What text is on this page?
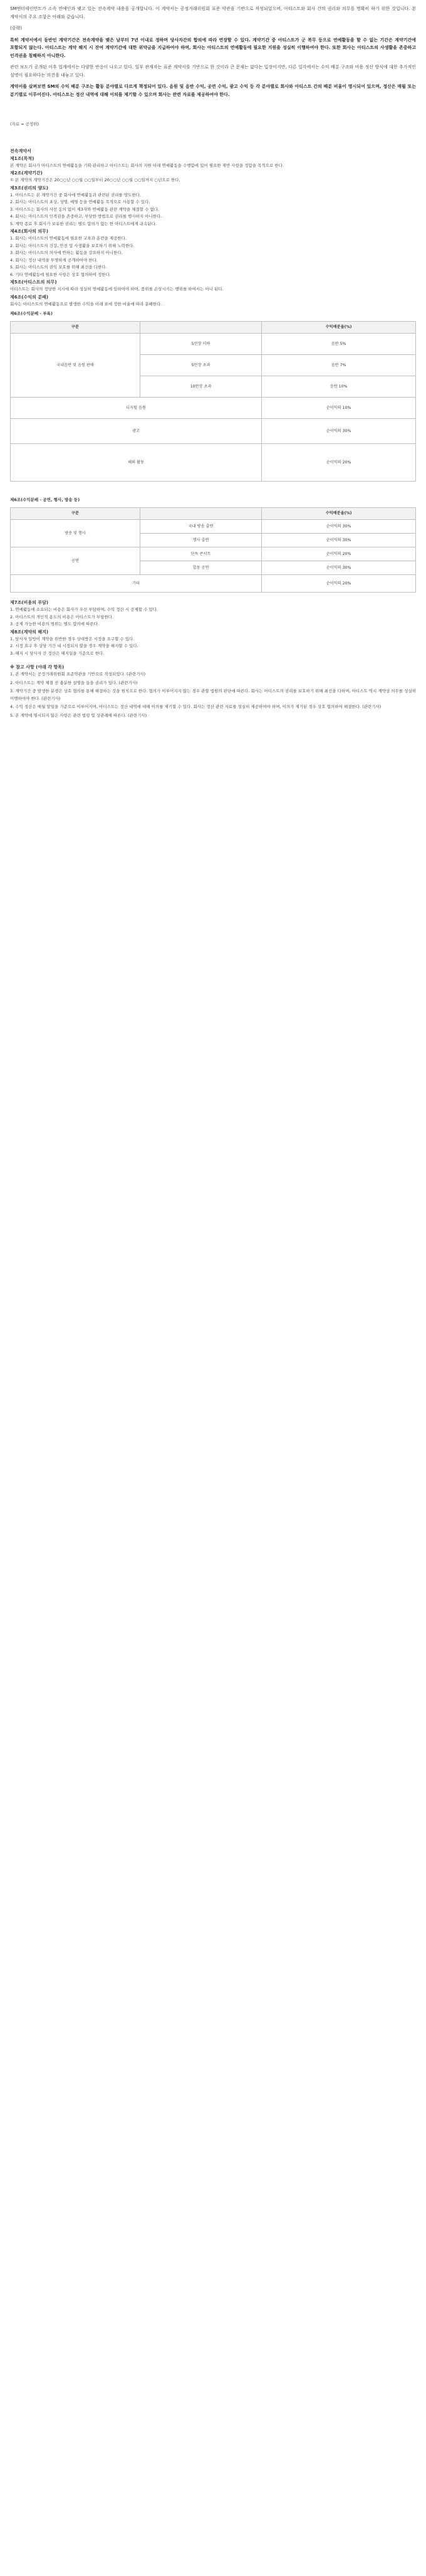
SM엔터테인먼트가 소속 연예인과 맺고 있는 전속계약 내용을 공개합니다. 이 계약서는 공정거래위원회 표준 약관을 기반으로 작성되었으며, 아티스트와 회사 간의 권리와 의무를 명확히 하기 위한 것입니다. 본 계약서의 주요 조항은 아래와 같습니다.

(중략)

특히 계약서에서 동반인 계약기간은 전속계약을 맺은 날부터 7년 이내로 정하며 당사자간의 합의에 따라 연장할 수 있다. 계약기간 중 아티스트가 군 복무 등으로 연예활동을 할 수 없는 기간은 계약기간에 포함되지 않는다. 아티스트는 계약 해지 시 잔여 계약기간에 대한 위약금을 지급하여야 하며, 회사는 아티스트의 연예활동에 필요한 지원을 성실히 이행하여야 한다. 또한 회사는 아티스트의 사생활을 존중하고 인격권을 침해하지 아니한다.

관련 보도가 공개된 이후 업계에서는 다양한 반응이 나오고 있다. 일부 관계자는 표준 계약서를 기반으로 한 것이라 큰 문제는 없다는 입장이지만, 다른 일각에서는 수익 배분 구조와 비용 정산 방식에 대한 추가적인 설명이 필요하다는 의견을 내놓고 있다.

계약서를 살펴보면 SM의 수익 배분 구조는 활동 분야별로 다르게 책정되어 있다. 음원 및 음반 수익, 공연 수익, 광고 수익 등 각 분야별로 회사와 아티스트 간의 배분 비율이 명시되어 있으며, 정산은 매월 또는 분기별로 이루어진다. 아티스트는 정산 내역에 대해 이의를 제기할 수 있으며 회사는 관련 자료를 제공하여야 한다.

(자료 = 공정위)

전속계약서

제1조(목적)

본 계약은 회사가 아티스트의 연예활동을 기획·관리하고 아티스트는 회사의 지원 아래 연예활동을 수행함에 있어 필요한 제반 사항을 정함을 목적으로 한다.

제2조(계약기간)

① 본 계약의 계약기간은 20○○년 ○○월 ○○일부터 20○○년 ○○월 ○○일까지 ○년으로 한다.

제3조(권리의 양도)

1. 아티스트는 본 계약기간 중 회사에 연예활동과 관련된 권리를 양도한다.

2. 회사는 아티스트의 초상, 성명, 예명 등을 연예활동 목적으로 사용할 수 있다.

3. 아티스트는 회사의 사전 동의 없이 제3자와 연예활동 관련 계약을 체결할 수 없다.

4. 회사는 아티스트의 인격권을 존중하고, 부당한 방법으로 권리를 행사하지 아니한다.

5. 계약 종료 후 회사가 보유한 권리는 별도 합의가 없는 한 아티스트에게 귀속된다.

제4조(회사의 의무)

1. 회사는 아티스트의 연예활동에 필요한 교육과 훈련을 제공한다.

2. 회사는 아티스트의 건강, 안전 및 사생활을 보호하기 위해 노력한다.

3. 회사는 아티스트의 의사에 반하는 활동을 강요하지 아니한다.

4. 회사는 정산 내역을 투명하게 공개하여야 한다.

5. 회사는 아티스트의 권익 보호를 위해 최선을 다한다.

6. 기타 연예활동에 필요한 사항은 상호 협의하여 정한다.

제5조(아티스트의 의무)

아티스트는 회사의 정당한 지시에 따라 성실히 연예활동에 임하여야 하며, 품위를 손상시키는 행위를 하여서는 아니 된다.

제6조(수익의 분배)

회사는 아티스트의 연예활동으로 발생한 수익을 아래 표에 정한 비율에 따라 분배한다.

제6조(수익분배 - 부록)

구분		수익배분율(%)
국내음반 및 음원 판매	5만장 이하	음반 5%
	5만장 초과	음반 7%
	10만장 초과	음반 10%
디지털 음원		순이익의 10%
광고		순이익의 30%
해외 활동		순이익의 20%

제6조(수익분배 - 공연, 행사, 방송 등)

구분		수익배분율(%)
방송 및 행사	국내 방송 출연	순이익의 30%
	행사 출연	순이익의 30%
공연	단독 콘서트	순이익의 20%
	합동 공연	순이익의 30%
기타		순이익의 20%

제7조(비용의 부담)

1. 연예활동에 소요되는 비용은 회사가 우선 부담하며, 수익 정산 시 공제할 수 있다.

2. 아티스트의 개인적 용도의 비용은 아티스트가 부담한다.

3. 공제 가능한 비용의 범위는 별도 합의에 따른다.

제8조(계약의 해지)

1. 당사자 일방이 계약을 위반한 경우 상대방은 시정을 요구할 수 있다.

2. 시정 요구 후 상당 기간 내 시정되지 않을 경우 계약을 해지할 수 있다.

3. 해지 시 당사자 간 정산은 해지일을 기준으로 한다.

※ 참고 사항 (아래 각 항목)

1. 본 계약서는 공정거래위원회 표준약관을 기반으로 작성되었다. (관련기사)

2. 아티스트는 계약 체결 전 충분한 설명을 들을 권리가 있다. (관련기사)

3. 계약기간 중 발생한 분쟁은 상호 협의를 통해 해결하는 것을 원칙으로 한다. 협의가 이루어지지 않는 경우 관할 법원의 판단에 따른다. 회사는 아티스트의 권리를 보호하기 위해 최선을 다하며, 아티스트 역시 계약상 의무를 성실히 이행하여야 한다. (관련기사)

4. 수익 정산은 매월 말일을 기준으로 이루어지며, 아티스트는 정산 내역에 대해 이의를 제기할 수 있다. 회사는 정산 관련 자료를 성실히 제공하여야 하며, 이의가 제기된 경우 상호 협의하여 해결한다. (관련기사)

5. 본 계약에 명시되지 않은 사항은 관련 법령 및 상관례에 따른다. (관련기사)
